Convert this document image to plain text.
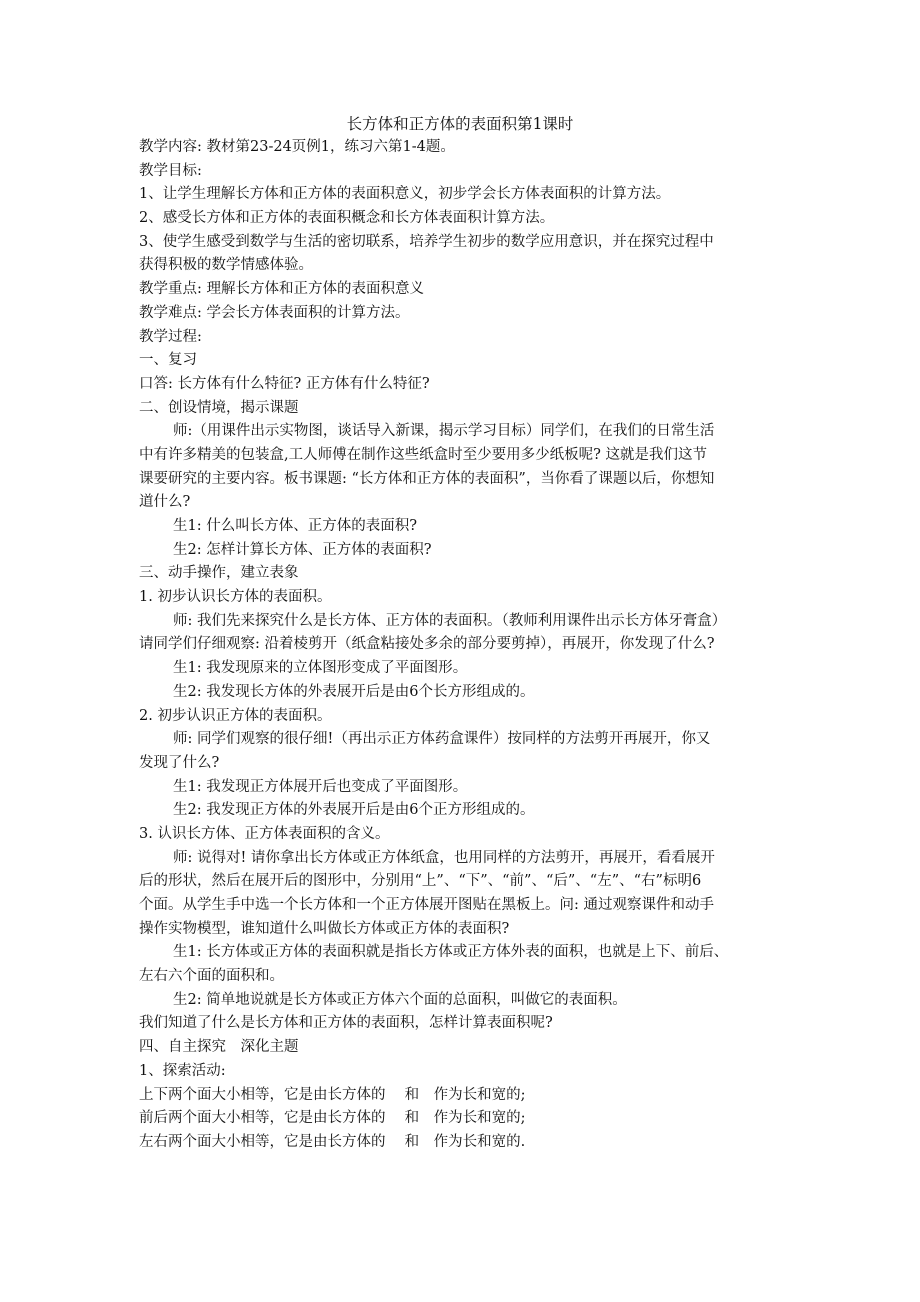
长方体和正方体的表面积第1课时
教学内容: 教材第23-24页例1，练习六第1-4题。
教学目标:
1、让学生理解长方体和正方体的表面积意义，初步学会长方体表面积的计算方法。
2、感受长方体和正方体的表面积概念和长方体表面积计算方法。
3、使学生感受到数学与生活的密切联系，培养学生初步的数学应用意识，并在探究过程中
获得积极的数学情感体验。
教学重点: 理解长方体和正方体的表面积意义
教学难点: 学会长方体表面积的计算方法。
教学过程:
一、复习
口答: 长方体有什么特征? 正方体有什么特征?
二、创设情境，揭示课题
师:（用课件出示实物图，谈话导入新课，揭示学习目标）同学们，在我们的日常生活
中有许多精美的包装盒,工人师傅在制作这些纸盒时至少要用多少纸板呢? 这就是我们这节
课要研究的主要内容。板书课题: “长方体和正方体的表面积”，当你看了课题以后，你想知
道什么?
生1: 什么叫长方体、正方体的表面积?
生2: 怎样计算长方体、正方体的表面积?
三、动手操作，建立表象
1. 初步认识长方体的表面积。
师: 我们先来探究什么是长方体、正方体的表面积。（教师利用课件出示长方体牙膏盒）
请同学们仔细观察: 沿着棱剪开（纸盒粘接处多余的部分要剪掉），再展开，你发现了什么?
生1: 我发现原来的立体图形变成了平面图形。
生2: 我发现长方体的外表展开后是由6个长方形组成的。
2. 初步认识正方体的表面积。
师: 同学们观察的很仔细!（再出示正方体药盒课件）按同样的方法剪开再展开，你又
发现了什么?
生1: 我发现正方体展开后也变成了平面图形。
生2: 我发现正方体的外表展开后是由6个正方形组成的。
3. 认识长方体、正方体表面积的含义。
师: 说得对! 请你拿出长方体或正方体纸盒，也用同样的方法剪开，再展开，看看展开
后的形状，然后在展开后的图形中，分别用“上”、“下”、“前”、“后”、“左”、“右”标明6
个面。从学生手中选一个长方体和一个正方体展开图贴在黑板上。问: 通过观察课件和动手
操作实物模型，谁知道什么叫做长方体或正方体的表面积?
生1: 长方体或正方体的表面积就是指长方体或正方体外表的面积，也就是上下、前后、
左右六个面的面积和。
生2: 简单地说就是长方体或正方体六个面的总面积，叫做它的表面积。
我们知道了什么是长方体和正方体的表面积，怎样计算表面积呢?
四、自主探究　深化主题
1、探索活动:
上下两个面大小相等，它是由长方体的　 和　作为长和宽的;
前后两个面大小相等，它是由长方体的　 和　作为长和宽的;
左右两个面大小相等，它是由长方体的　 和　作为长和宽的.
